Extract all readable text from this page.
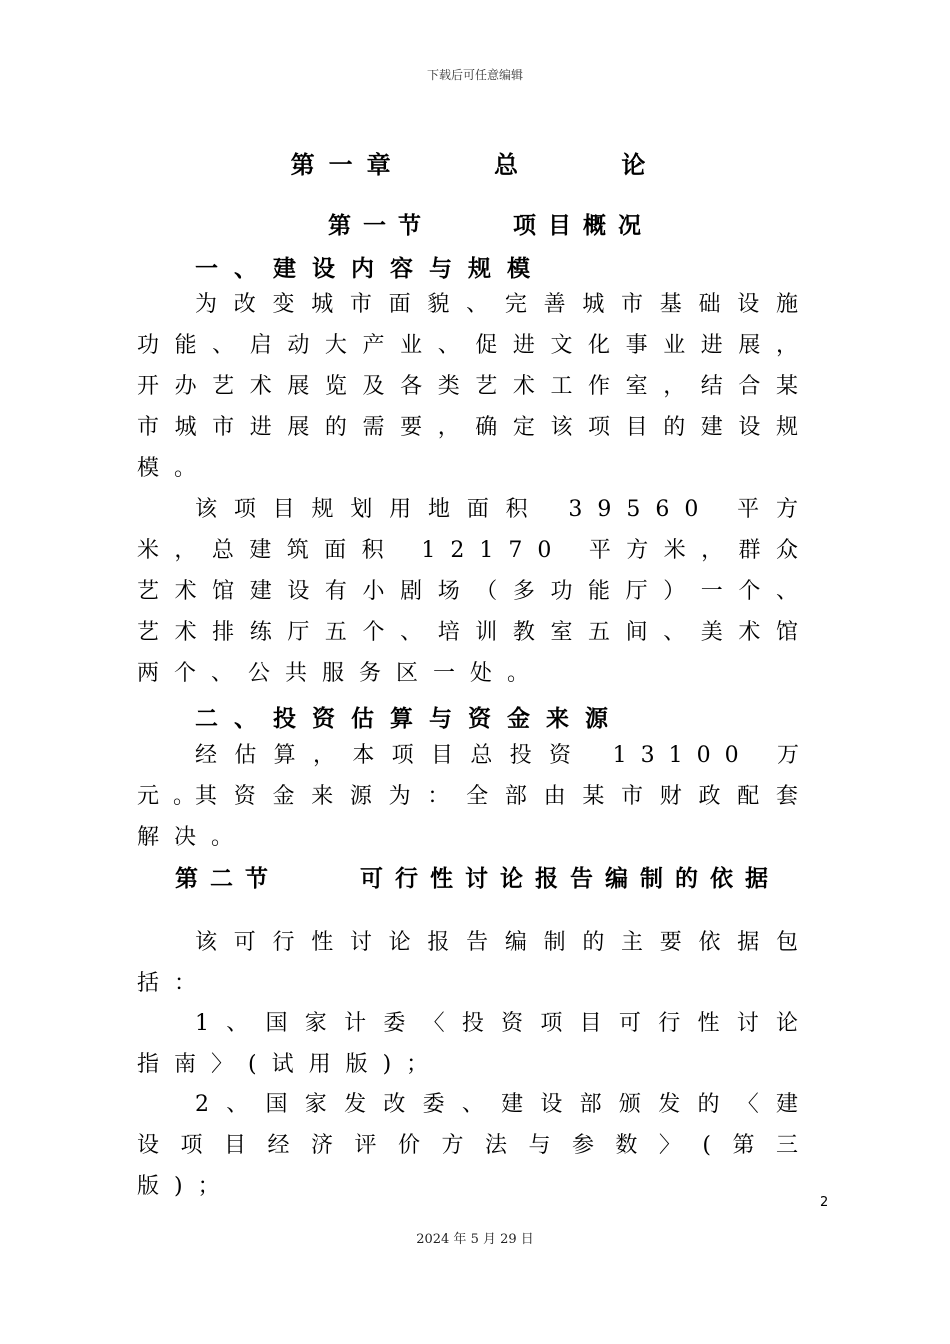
下载后可任意编辑
第一章    总    论
第一节    项目概况
一、建设内容与规模

为改变城市面貌、完善城市基础设施功能、启动大产业、促进文化事业进展，开办艺术展览及各类艺术工作室，结合某市城市进展的需要，确定该项目的建设规模。

该项目规划用地面积 39560 平方米，总建筑面积 12170 平方米，群众艺术馆建设有小剧场（多功能厅）一个、艺术排练厅五个、培训教室五间、美术馆两个、公共服务区一处。

二、投资估算与资金来源

经估算，本项目总投资 13100 万元。

其资金来源为：全部由某市财政配套解决。

第二节    可行性讨论报告编制的依据

该可行性讨论报告编制的主要依据包括：

1、国家计委〈投资项目可行性讨论指南〉(试用版)；

2、国家发改委、建设部颁发的〈建设项目经济评价方法与参数〉(第三版)；

2
2024 年 5 月 29 日
